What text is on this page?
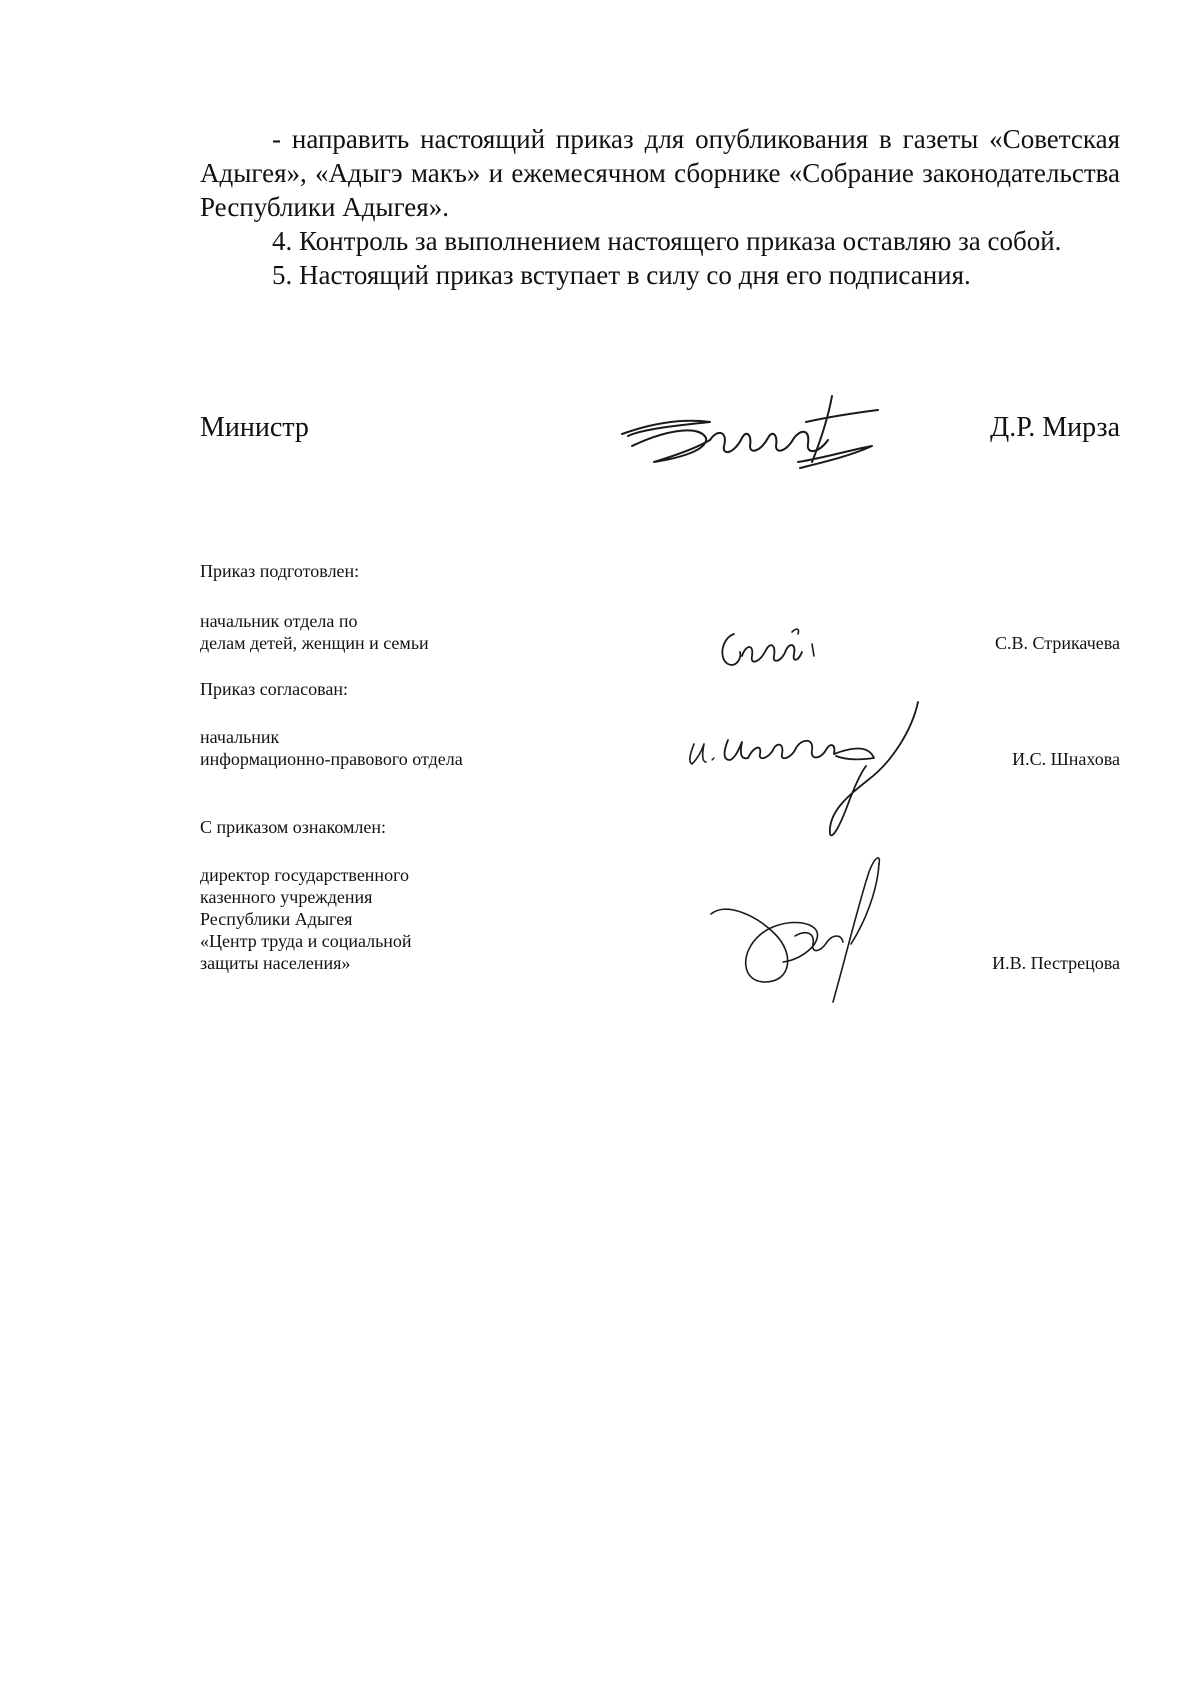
- направить настоящий приказ для опубликования в газеты «Советская Адыгея», «Адыгэ макъ» и ежемесячном сборнике «Собрание законодательства Республики Адыгея».

4. Контроль за выполнением настоящего приказа оставляю за собой.

5. Настоящий приказ вступает в силу со дня его подписания.

Министр	Д.Р. Мирза
Приказ подготовлен:
начальник отдела по
делам детей, женщин и семьи	С.В. Стрикачева
Приказ согласован:
начальник
информационно-правового отдела	И.С. Шнахова
С приказом ознакомлен:
директор государственного
казенного учреждения
Республики Адыгея
«Центр труда и социальной
защиты населения»	И.В. Пестрецова
